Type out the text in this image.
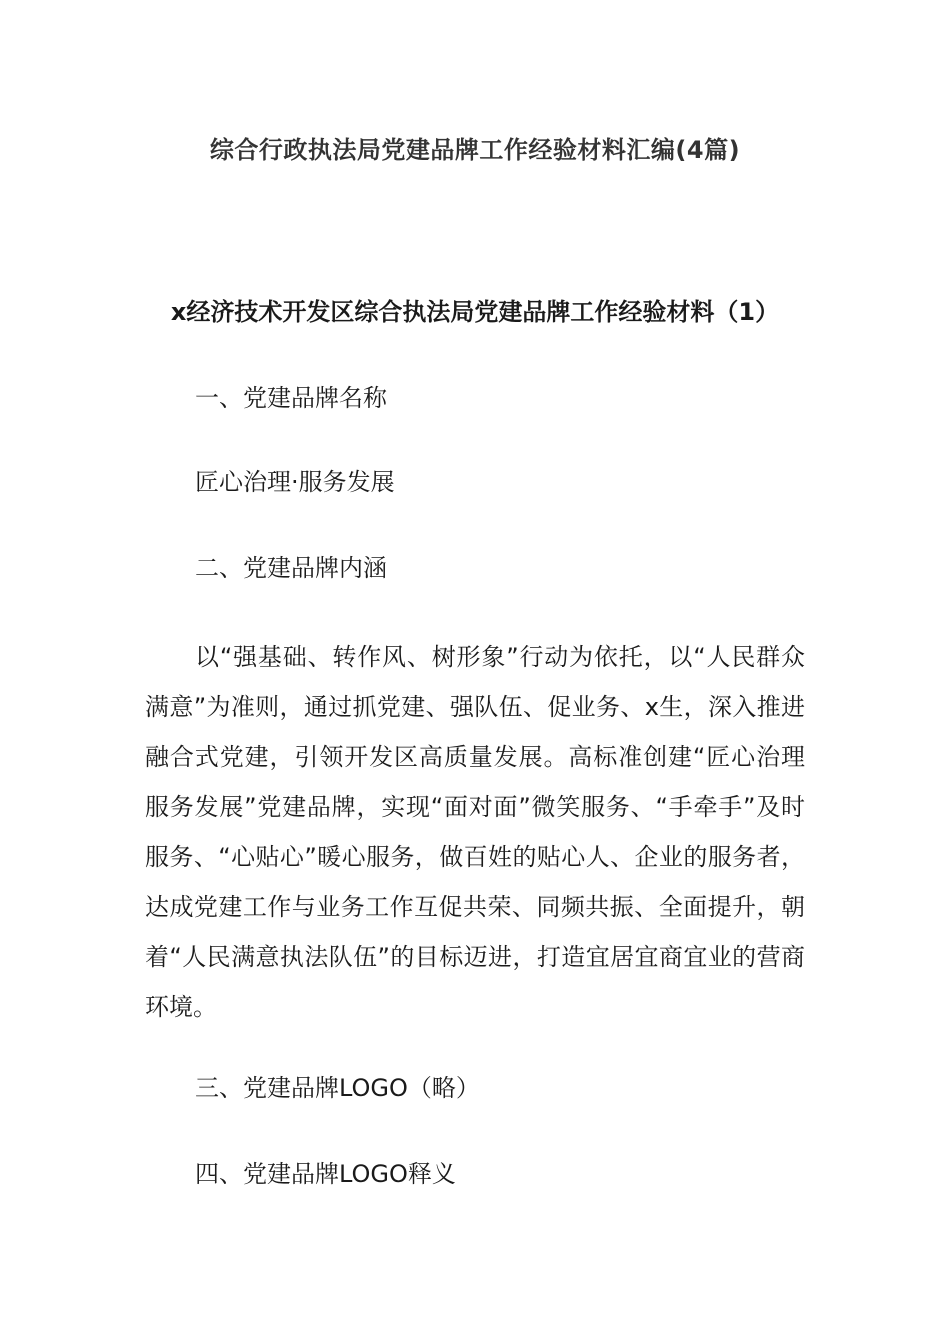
综合行政执法局党建品牌工作经验材料汇编(4篇)
x经济技术开发区综合执法局党建品牌工作经验材料（1）

一、党建品牌名称

匠心治理·服务发展

二、党建品牌内涵

以“强基础、转作风、树形象”行动为依托，以“人民群众满意”为准则，通过抓党建、强队伍、促业务、x生，深入推进融合式党建，引领开发区高质量发展。高标准创建“匠心治理服务发展”党建品牌，实现“面对面”微笑服务、“手牵手”及时服务、“心贴心”暖心服务，做百姓的贴心人、企业的服务者，达成党建工作与业务工作互促共荣、同频共振、全面提升，朝着“人民满意执法队伍”的目标迈进，打造宜居宜商宜业的营商环境。

三、党建品牌LOGO（略）

四、党建品牌LOGO释义
